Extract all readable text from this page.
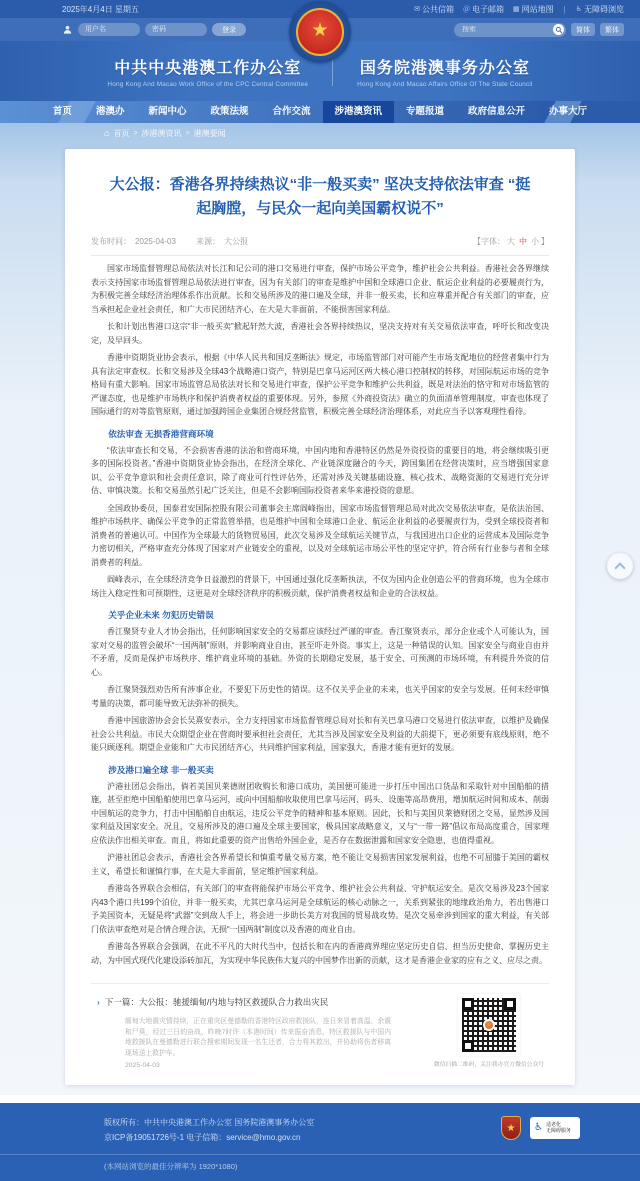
2025年4月4日 星期五	✉ 公共信箱 ＠ 电子邮箱 ▦ 网站地图 | ♿ 无障碍浏览
用户名
登录
搜索	简体	繁体
★
中共中央港澳工作办公室
Hong Kong And Macao Work Office of the CPC Central Committee
国务院港澳事务办公室
Hong Kong And Macao Affairs Office Of The State Council
首页	港澳办	新闻中心	政策法规	合作交流	涉港澳资讯	专题报道	政府信息公开	办事大厅
⌂ 首页 > 涉港澳资讯 > 港澳要闻
大公报：香港各界持续热议“非一般买卖” 坚决支持依法审查 “挺起胸膛，与民众一起向美国霸权说不”
发布时间： 2025-04-03	来源： 大公报	【字体： 大 中 小 】

国家市场监督管理总局依法对长江和记公司的港口交易进行审查，保护市场公平竞争，维护社会公共利益。香港社会各界继续表示支持国家市场监督管理总局依法进行审查，因为有关部门的审查是维护中国和全球港口企业、航运企业利益的必要履责行为，为积极完善全球经济治理体系作出贡献。长和交易所涉及的港口遍及全球，并非一般买卖，长和应尊重并配合有关部门的审查，应当承担起企业社会责任，和广大市民团结齐心，在大是大非面前，不能损害国家利益。

长和计划出售港口这宗“非一般买卖”掀起轩然大波，香港社会各界持续热议，坚决支持对有关交易依法审查，呼吁长和改变决定，及早回头。

香港中资期货业协会表示，根据《中华人民共和国反垄断法》规定，市场监管部门对可能产生市场支配地位的经营者集中行为具有法定审查权。长和交易涉及全球43个战略港口资产，特别是巴拿马运河区两大核心港口控制权的转移，对国际航运市场的竞争格局有重大影响。国家市场监管总局依法对长和交易进行审查，保护公平竞争和维护公共利益，既是对法治的恪守和对市场监管的严谨态度，也是维护市场秩序和保护消费者权益的重要体现。另外，参照《外商投资法》确立的负面清单管理制度，审查也体现了国际通行的对等监管原则，通过加强跨国企业集团合规经营监管，积极完善全球经济治理体系，对此应当予以客观理性看待。

依法审查 无损香港营商环境

“依法审查长和交易，不会损害香港的法治和营商环境，中国内地和香港特区仍然是外资投资的重要目的地，将会继续吸引更多的国际投资者。”香港中资期货业协会指出，在经济全球化、产业链深度融合的今天，跨国集团在经营决策时，应当增强国家意识、公平竞争意识和社会责任意识，除了商业可行性评估外，还需对涉及关键基础设施、核心技术、战略资源的交易进行充分评估、审慎决策。长和交易虽然引起广泛关注，但是不会影响国际投资者来华来港投资的意愿。

全国政协委员，国泰君安国际控股有限公司董事会主席阎峰指出，国家市场监督管理总局对此次交易依法审查，是依法治国、维护市场秩序、确保公平竞争的正常监管举措，也是维护中国和全球港口企业、航运企业利益的必要履责行为，受到全球投资者和消费者的普遍认可。中国作为全球最大的货物贸易国，此次交易涉及全球航运关键节点，与我国进出口企业的运营成本及国际竞争力密切相关，严格审查充分体现了国家对产业链安全的重视，以及对全球航运市场公平性的坚定守护，符合所有行业参与者和全球消费者的利益。

阎峰表示，在全球经济竞争日益激烈的背景下，中国通过强化反垄断执法，不仅为国内企业创造公平的营商环境，也为全球市场注入稳定性和可预期性，这更是对全球经济秩序的积极贡献，保护消费者权益和企业的合法权益。

关乎企业未来 勿犯历史错误

香江聚贤专业人才协会指出，任何影响国家安全的交易都应该经过严谨的审查。香江聚贤表示，部分企业或个人可能认为，国家对交易的监管会破坏“一国两制”原则，并影响商业自由，甚至吓走外资。事实上，这是一种错误的认知。国家安全与商业自由并不矛盾，反而是保护市场秩序、维护商业环境的基础。外资的长期稳定发展，基于安全、可预测的市场环境，有利提升外资的信心。

香江聚贤强烈劝告所有涉事企业，不要犯下历史性的错误。这不仅关乎企业的未来，也关乎国家的安全与发展。任何未经审慎考量的决策，都可能导致无法弥补的损失。

香港中国旅游协会会长吴熹安表示，全力支持国家市场监督管理总局对长和有关巴拿马港口交易进行依法审查，以维护及确保社会公共利益。市民大众期望企业在营商时要承担社会责任，尤其当涉及国家安全及利益的大前提下，更必须要有底线原则，绝不能只顾逐利。期望企业能和广大市民团结齐心，共同维护国家利益，国家强大，香港才能有更好的发展。

涉及港口遍全球 非一般买卖

沪港社团总会指出，倘若美国贝莱德财团收购长和港口成功，美国便可能进一步打压中国出口货品和采取针对中国船舶的措施，甚至拒绝中国船舶使用巴拿马运河，或向中国船舶收取使用巴拿马运河、码头、设施等高昂费用，增加航运时间和成本、削弱中国航运的竞争力，打击中国船舶自由航运，违反公平竞争的精神和基本原则。因此，长和与美国贝莱德财团之交易，显然涉及国家利益及国家安全。况且，交易所涉及的港口遍及全球主要国家，极具国家战略意义，又与“一带一路”倡议布局高度重合，国家理应依法作出相关审查。而且，将如此重要的资产出售给外国企业，是否存在数据泄露和国家安全隐患，也值得重视。

沪港社团总会表示，香港社会各界希望长和慎重考量交易方案，绝不能让交易损害国家发展利益，也绝不可屈膝于美国的霸权主义，希望长和谨慎行事，在大是大非面前，坚定维护国家利益。

香港岛各界联合会相信，有关部门的审查将能保护市场公平竞争、维护社会公共利益、守护航运安全。是次交易涉及23个国家内43个港口共199个泊位，并非一般买卖，尤其巴拿马运河是全球航运的核心动脉之一，关系到紧张的地缘政治角力，若出售港口予美国资本，无疑是将“武器”交到敌人手上，将会进一步助长美方对我国的贸易战攻势。是次交易牵涉到国家的重大利益，有关部门依法审查绝对是合情合理合法，无损“一国两制”制度以及香港的商业自由。

香港岛各界联合会强调，在此不平凡的大时代当中，包括长和在内的香港商界理应坚定历史自信、担当历史使命、掌握历史主动，为中国式现代化建设添砖加瓦，为实现中华民族伟大复兴的中国梦作出新的贡献，这才是香港企业家的应有之义、应尽之责。

› 下一篇：大公报：驰援缅甸/内地与特区救援队合力救出灾民

缅甸大地震灾情持续，正在重灾区曼德勒的香港特区政府救援队，连日来冒着高温、余震和尸臭，经过三日的奋战，昨晚7时许（本港时间）传来振奋消息，特区救援队与中国内地救援队在曼德勒进行联合搜索期间发现一名生还者，合力将其救出，并协助将伤者移离现场送上救护车。

2025-04-03	微信扫描二维码，关注我办官方微信公众号
版权所有：中共中央港澳工作办公室 国务院港澳事务办公室
京ICP备19051726号-1 电子信箱：service@hmo.gov.cn
★	♿ 适老化
无障碍服务
(本网站浏览的最佳分辨率为 1920*1080)
